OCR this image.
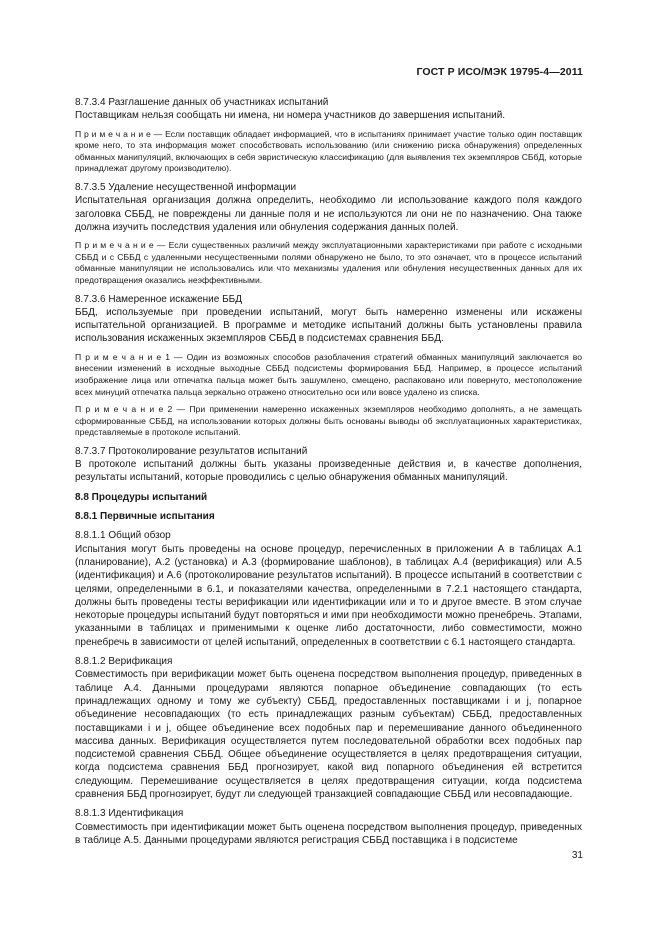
ГОСТ Р ИСО/МЭК 19795-4—2011

8.7.3.4 Разглашение данных об участниках испытаний

Поставщикам нельзя сообщать ни имена, ни номера участников до завершения испытаний.

П р и м е ч а н и е — Если поставщик обладает информацией, что в испытаниях принимает участие только один поставщик кроме него, то эта информация может способствовать использованию (или снижению риска обнаружения) определенных обманных манипуляций, включающих в себя эвристическую классификацию (для выявления тех экземпляров СБбД, которые принадлежат другому производителю).

8.7.3.5 Удаление несущественной информации

Испытательная организация должна определить, необходимо ли использование каждого поля каждого заголовка СББД, не повреждены ли данные поля и не используются ли они не по назначению. Она также должна изучить последствия удаления или обнуления содержания данных полей.

П р и м е ч а н и е — Если существенных различий между эксплуатационными характеристиками при работе с исходными СББД и с СББД с удаленными несущественными полями обнаружено не было, то это означает, что в процессе испытаний обманные манипуляции не использовались или что механизмы удаления или обнуления несущественных данных для их предотвращения оказались неэффективными.

8.7.3.6 Намеренное искажение ББД

ББД, используемые при проведении испытаний, могут быть намеренно изменены или искажены испытательной организацией. В программе и методике испытаний должны быть установлены правила использования искаженных экземпляров СББД в подсистемах сравнения ББД.

П р и м е ч а н и е 1 — Один из возможных способов разоблачения стратегий обманных манипуляций заключается во внесении изменений в исходные выходные СББД подсистемы формирования ББД. Например, в процессе испытаний изображение лица или отпечатка пальца может быть зашумлено, смещено, распаковано или повернуто, местоположение всех минуций отпечатка пальца зеркально отражено относительно оси или вовсе удалено из списка.

П р и м е ч а н и е 2 — При применении намеренно искаженных экземпляров необходимо дополнять, а не замещать сформированные СББД, на использовании которых должны быть основаны выводы об эксплуатационных характеристиках, представляемые в протоколе испытаний.

8.7.3.7 Протоколирование результатов испытаний

В протоколе испытаний должны быть указаны произведенные действия и, в качестве дополнения, результаты испытаний, которые проводились с целью обнаружения обманных манипуляций.

8.8 Процедуры испытаний

8.8.1 Первичные испытания

8.8.1.1 Общий обзор

Испытания могут быть проведены на основе процедур, перечисленных в приложении А в таблицах А.1 (планирование), А.2 (установка) и А.3 (формирование шаблонов), в таблицах А.4 (верификация) или А.5 (идентификация) и А.6 (протоколирование результатов испытаний). В процессе испытаний в соответствии с целями, определенными в 6.1, и показателями качества, определенными в 7.2.1 настоящего стандарта, должны быть проведены тесты верификации или идентификации или и то и другое вместе. В этом случае некоторые процедуры испытаний будут повторяться и ими при необходимости можно пренебречь. Этапами, указанными в таблицах и применимыми к оценке либо достаточности, либо совместимости, можно пренебречь в зависимости от целей испытаний, определенных в соответствии с 6.1 настоящего стандарта.

8.8.1.2 Верификация

Совместимость при верификации может быть оценена посредством выполнения процедур, приведенных в таблице А.4. Данными процедурами являются попарное объединение совпадающих (то есть принадлежащих одному и тому же субъекту) СББД, предоставленных поставщиками i и j, попарное объединение несовпадающих (то есть принадлежащих разным субъектам) СББД, предоставленных поставщиками i и j, общее объединение всех подобных пар и перемешивание данного объединенного массива данных. Верификация осуществляется путем последовательной обработки всех подобных пар подсистемой сравнения СББД. Общее объединение осуществляется в целях предотвращения ситуации, когда подсистема сравнения ББД прогнозирует, какой вид попарного объединения ей встретится следующим. Перемешивание осуществляется в целях предотвращения ситуации, когда подсистема сравнения ББД прогнозирует, будут ли следующей транзакцией совпадающие СББД или несовпадающие.

8.8.1.3 Идентификация

Совместимость при идентификации может быть оценена посредством выполнения процедур, приведенных в таблице А.5. Данными процедурами являются регистрация СББД поставщика i в подсистеме

31
